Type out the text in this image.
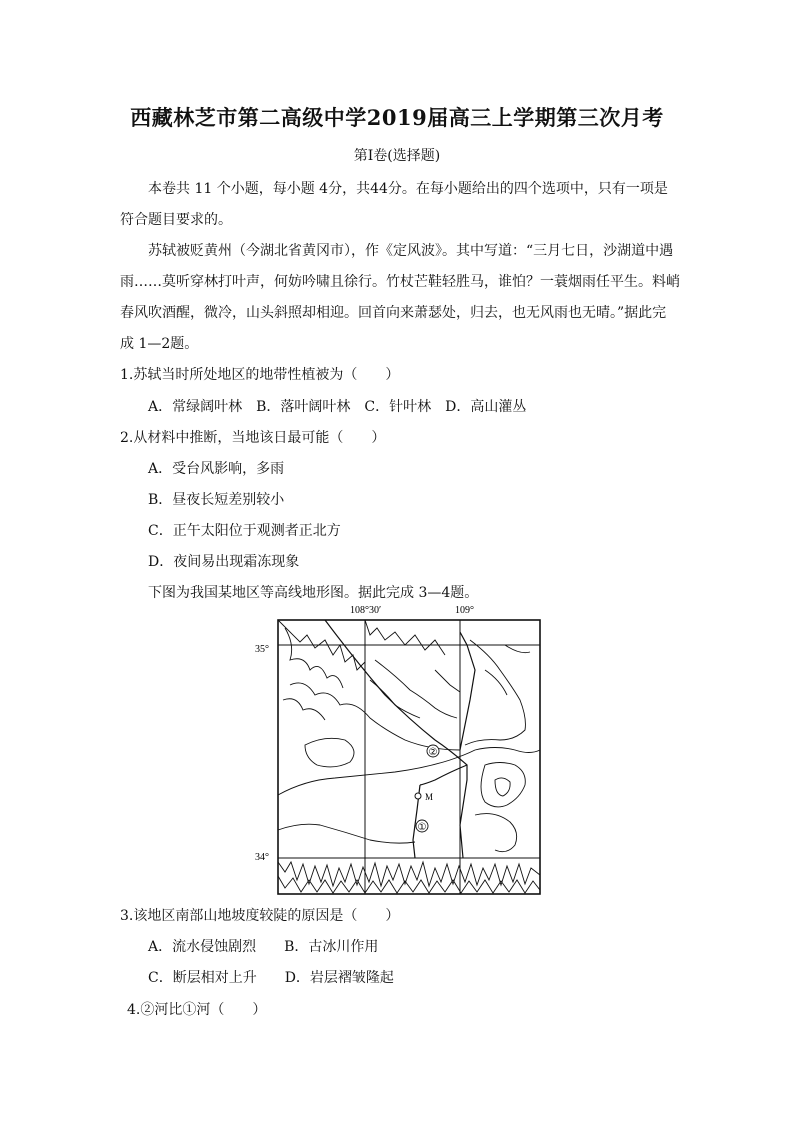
西藏林芝市第二高级中学2019届高三上学期第三次月考
第Ⅰ卷(选择题)

本卷共 11 个小题，每小题 4分，共44分。在每小题给出的四个选项中，只有一项是符合题目要求的。

苏轼被贬黄州（今湖北省黄冈市），作《定风波》。其中写道：“三月七日，沙湖道中遇雨……莫听穿林打叶声，何妨吟啸且徐行。竹杖芒鞋轻胜马，谁怕？一蓑烟雨任平生。料峭春风吹酒醒，微冷，山头斜照却相迎。回首向来萧瑟处，归去，也无风雨也无晴。”据此完成 1—2题。

1.苏轼当时所处地区的地带性植被为（　　）

A．常绿阔叶林　B．落叶阔叶林　C．针叶林　D．高山灌丛

2.从材料中推断，当地该日最可能（　　）

A．受台风影响，多雨

B．昼夜长短差别较小

C．正午太阳位于观测者正北方

D．夜间易出现霜冻现象

下图为我国某地区等高线地形图。据此完成 3—4题。

108°30′	109°
35°
34°
②
M
①

3.该地区南部山地坡度较陡的原因是（　　）

A．流水侵蚀剧烈　　B．古冰川作用

C．断层相对上升　　D．岩层褶皱隆起

4.②河比①河（　　）
